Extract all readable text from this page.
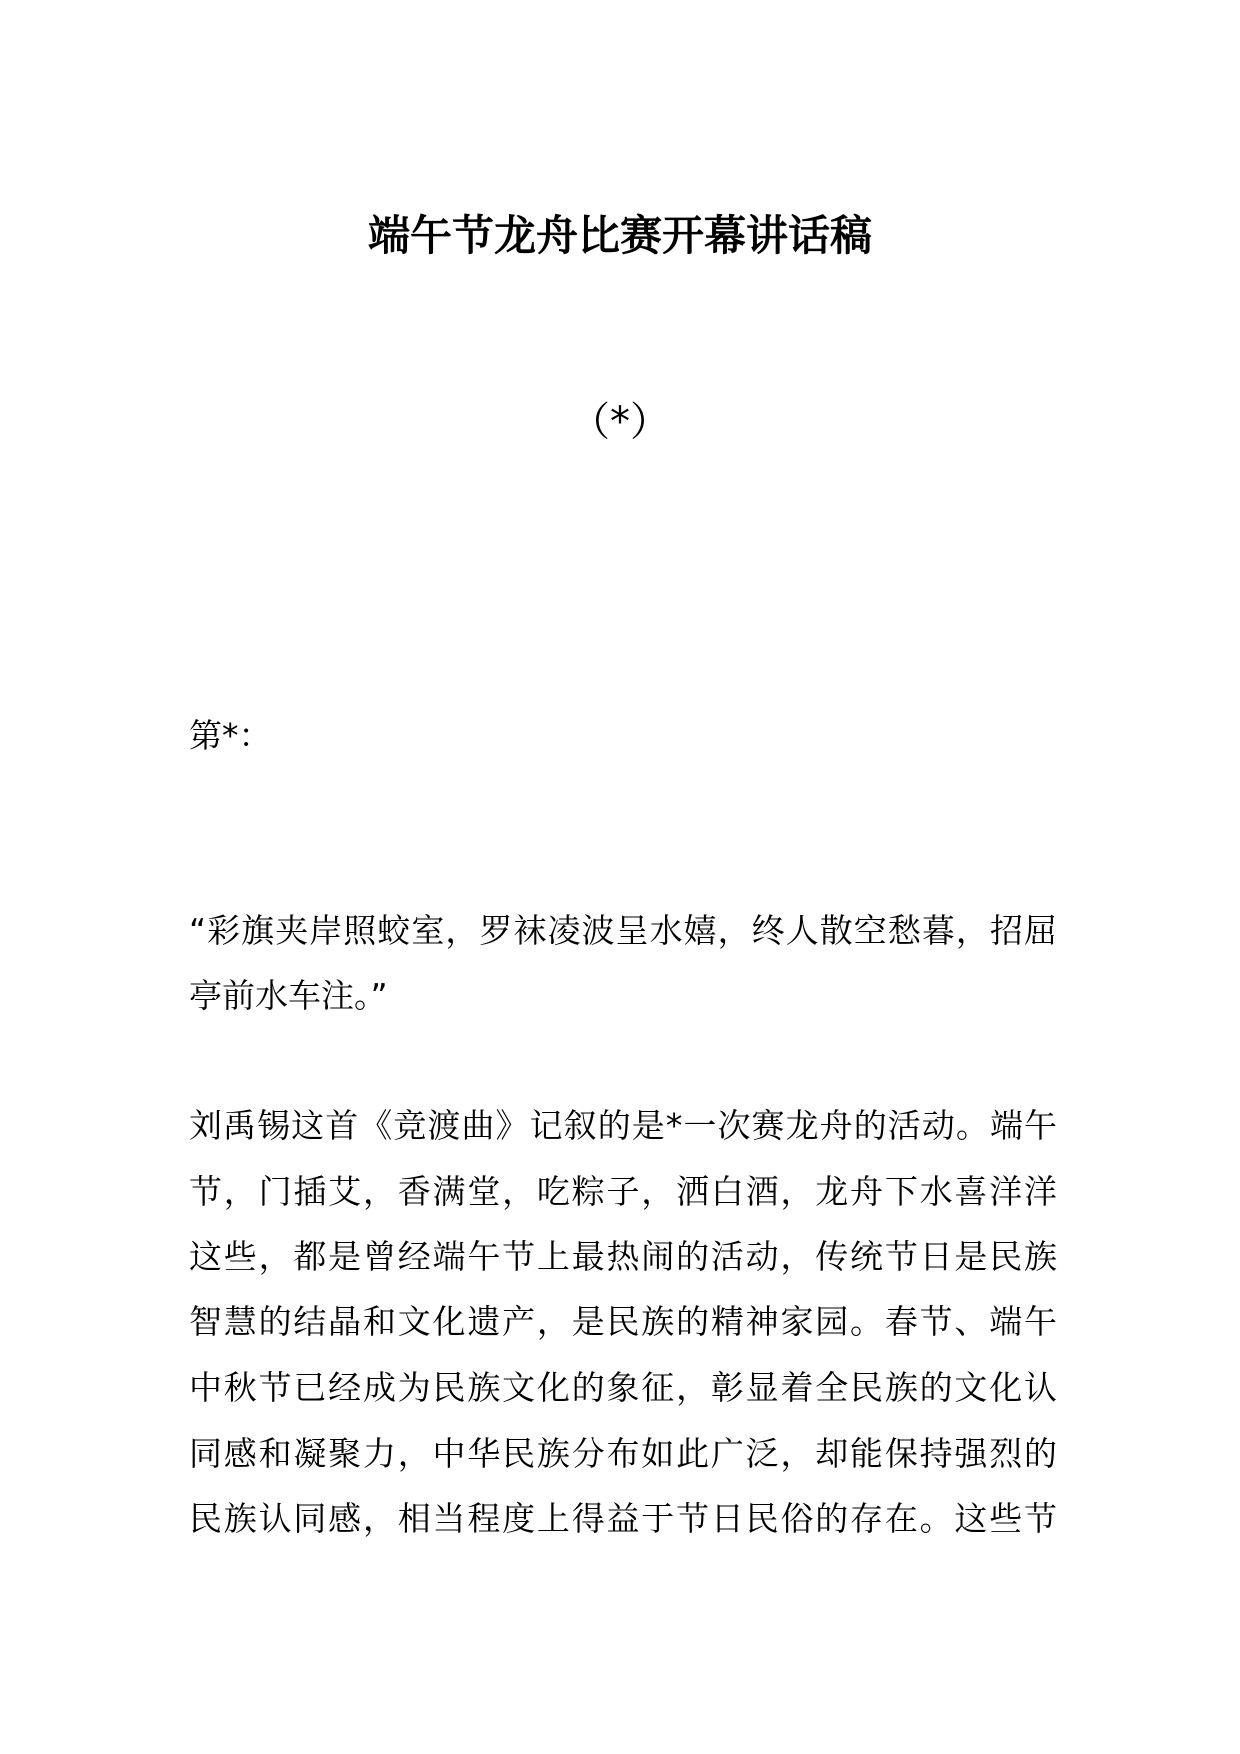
端午节龙舟比赛开幕讲话稿
（*）
第*：
“彩旗夹岸照蛟室，罗袜凌波呈水嬉，终人散空愁暮，招屈
亭前水车注。”
刘禹锡这首《竞渡曲》记叙的是*一次赛龙舟的活动。端午
节，门插艾，香满堂，吃粽子，洒白酒，龙舟下水喜洋洋
这些，都是曾经端午节上最热闹的活动，传统节日是民族
智慧的结晶和文化遗产，是民族的精神家园。春节、端午
中秋节已经成为民族文化的象征，彰显着全民族的文化认
同感和凝聚力，中华民族分布如此广泛，却能保持强烈的
民族认同感，相当程度上得益于节日民俗的存在。这些节
